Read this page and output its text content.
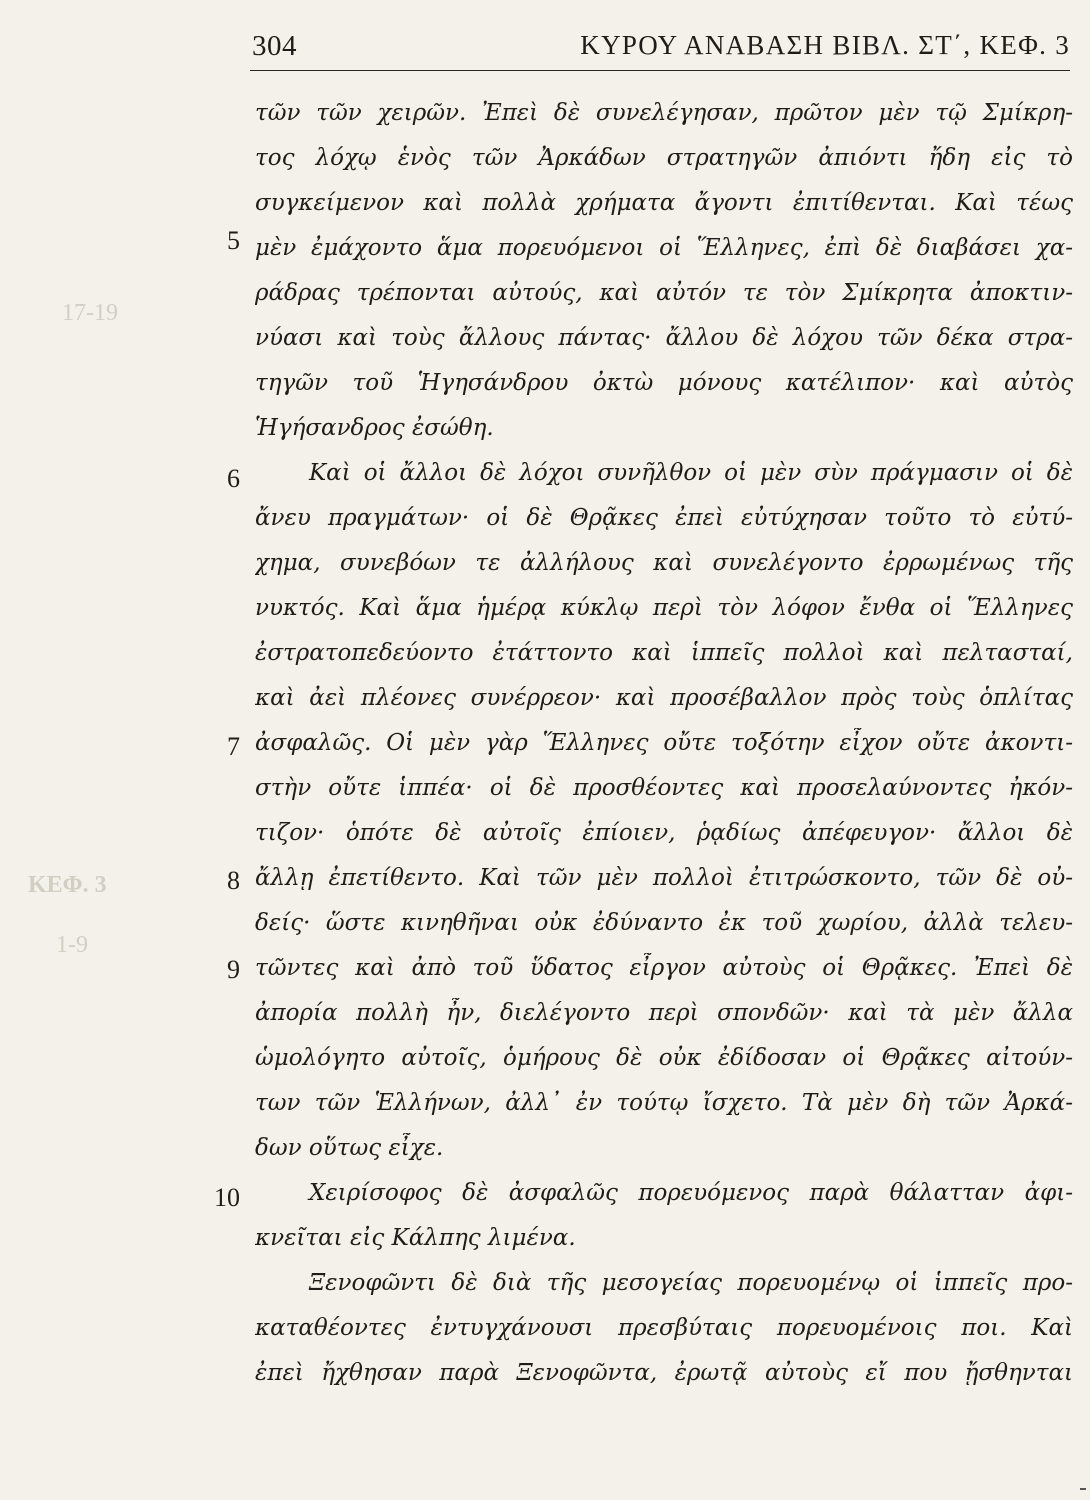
17-19
ΚΕΦ. 3
1-9
304	ΚΥΡΟΥ ΑΝΑΒΑΣΗ ΒΙΒΛ. ΣΤ΄, ΚΕΦ. 3
5
6
7
8
9
10
τῶν τῶν χειρῶν. Ἐπεὶ δὲ συνελέγησαν, πρῶτον μὲν τῷ Σμίκρη-
τος λόχῳ ἑνὸς τῶν Ἀρκάδων στρατηγῶν ἀπιόντι ἤδη εἰς τὸ
συγκείμενον καὶ πολλὰ χρήματα ἄγοντι ἐπιτίθενται. Καὶ τέως
μὲν ἐμάχοντο ἅμα πορευόμενοι οἱ Ἕλληνες, ἐπὶ δὲ διαβάσει χα-
ράδρας τρέπονται αὐτούς, καὶ αὐτόν τε τὸν Σμίκρητα ἀποκτιν-
νύασι καὶ τοὺς ἄλλους πάντας· ἄλλου δὲ λόχου τῶν δέκα στρα-
τηγῶν τοῦ Ἡγησάνδρου ὀκτὼ μόνους κατέλιπον· καὶ αὐτὸς
Ἡγήσανδρος ἐσώθη.
Καὶ οἱ ἄλλοι δὲ λόχοι συνῆλθον οἱ μὲν σὺν πράγμασιν οἱ δὲ
ἄνευ πραγμάτων· οἱ δὲ Θρᾷκες ἐπεὶ εὐτύχησαν τοῦτο τὸ εὐτύ-
χημα, συνεβόων τε ἀλλήλους καὶ συνελέγοντο ἐρρωμένως τῆς
νυκτός. Καὶ ἅμα ἡμέρᾳ κύκλῳ περὶ τὸν λόφον ἔνθα οἱ Ἕλληνες
ἐστρατοπεδεύοντο ἐτάττοντο καὶ ἱππεῖς πολλοὶ καὶ πελτασταί,
καὶ ἀεὶ πλέονες συνέρρεον· καὶ προσέβαλλον πρὸς τοὺς ὁπλίτας
ἀσφαλῶς. Οἱ μὲν γὰρ Ἕλληνες οὔτε τοξότην εἶχον οὔτε ἀκοντι-
στὴν οὔτε ἱππέα· οἱ δὲ προσθέοντες καὶ προσελαύνοντες ἠκόν-
τιζον· ὁπότε δὲ αὐτοῖς ἐπίοιεν, ῥᾳδίως ἀπέφευγον· ἄλλοι δὲ
ἄλλῃ ἐπετίθεντο. Καὶ τῶν μὲν πολλοὶ ἐτιτρώσκοντο, τῶν δὲ οὐ-
δείς· ὥστε κινηθῆναι οὐκ ἐδύναντο ἐκ τοῦ χωρίου, ἀλλὰ τελευ-
τῶντες καὶ ἀπὸ τοῦ ὕδατος εἶργον αὐτοὺς οἱ Θρᾷκες. Ἐπεὶ δὲ
ἀπορία πολλὴ ἦν, διελέγοντο περὶ σπονδῶν· καὶ τὰ μὲν ἄλλα
ὡμολόγητο αὐτοῖς, ὁμήρους δὲ οὐκ ἐδίδοσαν οἱ Θρᾷκες αἰτούν-
των τῶν Ἑλλήνων, ἀλλ᾽ ἐν τούτῳ ἴσχετο. Τὰ μὲν δὴ τῶν Ἀρκά-
δων οὕτως εἶχε.
Χειρίσοφος δὲ ἀσφαλῶς πορευόμενος παρὰ θάλατταν ἀφι-
κνεῖται εἰς Κάλπης λιμένα.
Ξενοφῶντι δὲ διὰ τῆς μεσογείας πορευομένῳ οἱ ἱππεῖς προ-
καταθέοντες ἐντυγχάνουσι πρεσβύταις πορευομένοις ποι. Καὶ
ἐπεὶ ἤχθησαν παρὰ Ξενοφῶντα, ἐρωτᾷ αὐτοὺς εἴ που ᾔσθηνται
